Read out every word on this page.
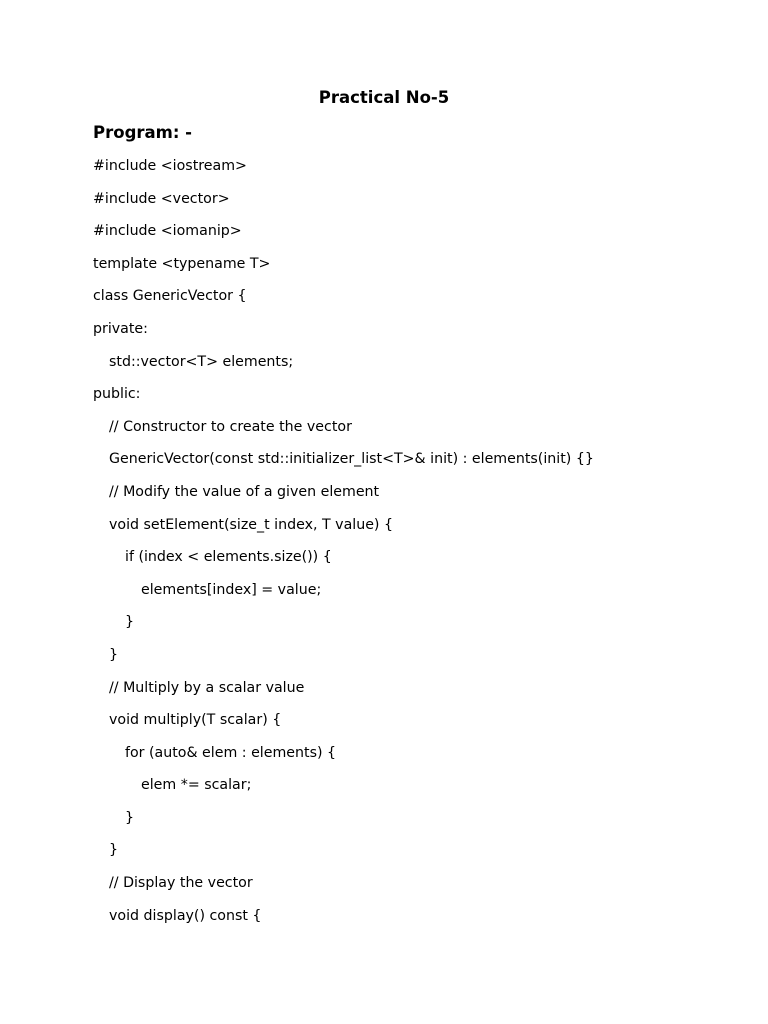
Practical No-5
Program: -
#include <iostream>
#include <vector>
#include <iomanip>
template <typename T>
class GenericVector {
private:
std::vector<T> elements;
public:
// Constructor to create the vector
GenericVector(const std::initializer_list<T>& init) : elements(init) {}
// Modify the value of a given element
void setElement(size_t index, T value) {
if (index < elements.size()) {
elements[index] = value;
}
}
// Multiply by a scalar value
void multiply(T scalar) {
for (auto& elem : elements) {
elem *= scalar;
}
}
// Display the vector
void display() const {
